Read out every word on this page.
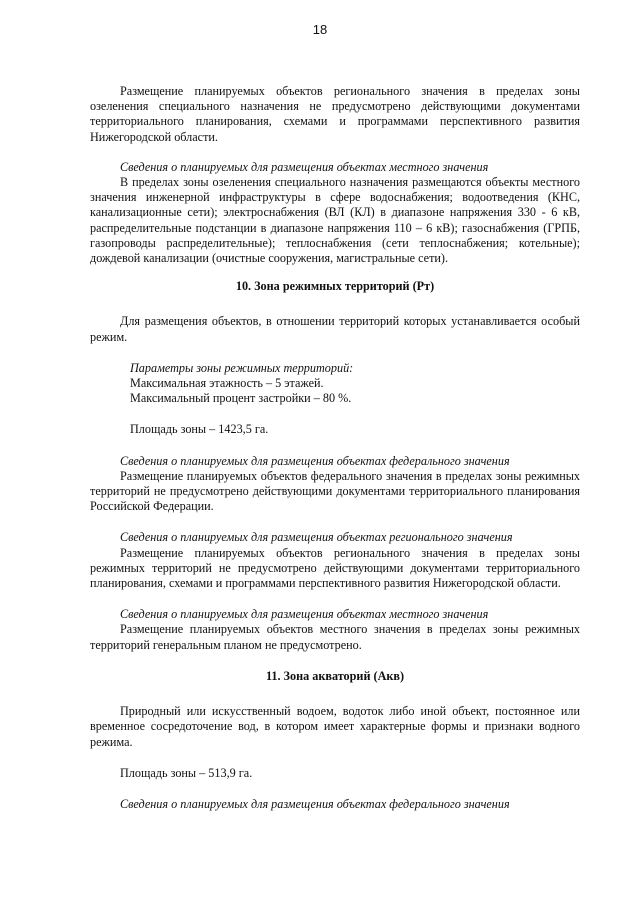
18

Размещение планируемых объектов регионального значения в пределах зоны озеленения специального назначения не предусмотрено действующими документами территориального планирования, схемами и программами перспективного развития Нижегородской области.

Сведения о планируемых для размещения объектах местного значения

В пределах зоны озеленения специального назначения размещаются объекты местного значения инженерной инфраструктуры в сфере водоснабжения; водоотведения (КНС, канализационные сети); электроснабжения (ВЛ (КЛ) в диапазоне напряжения 330 - 6 кВ, распределительные подстанции в диапазоне напряжения 110 – 6 кВ); газоснабжения (ГРПБ, газопроводы распределительные); теплоснабжения (сети теплоснабжения; котельные); дождевой канализации (очистные сооружения, магистральные сети).

10. Зона режимных территорий (Рт)

Для размещения объектов, в отношении территорий которых устанавливается особый режим.

Параметры зоны режимных территорий:

Максимальная этажность – 5 этажей.

Максимальный процент застройки – 80 %.

Площадь зоны – 1423,5 га.

Сведения о планируемых для размещения объектах федерального значения

Размещение планируемых объектов федерального значения в пределах зоны режимных территорий не предусмотрено действующими документами территориального планирования Российской Федерации.

Сведения о планируемых для размещения объектах регионального значения

Размещение планируемых объектов регионального значения в пределах зоны режимных территорий не предусмотрено действующими документами территориального планирования, схемами и программами перспективного развития Нижегородской области.

Сведения о планируемых для размещения объектах местного значения

Размещение планируемых объектов местного значения в пределах зоны режимных территорий генеральным планом не предусмотрено.

11. Зона акваторий (Акв)

Природный или искусственный водоем, водоток либо иной объект, постоянное или временное сосредоточение вод, в котором имеет характерные формы и признаки водного режима.

Площадь зоны – 513,9 га.

Сведения о планируемых для размещения объектах федерального значения
